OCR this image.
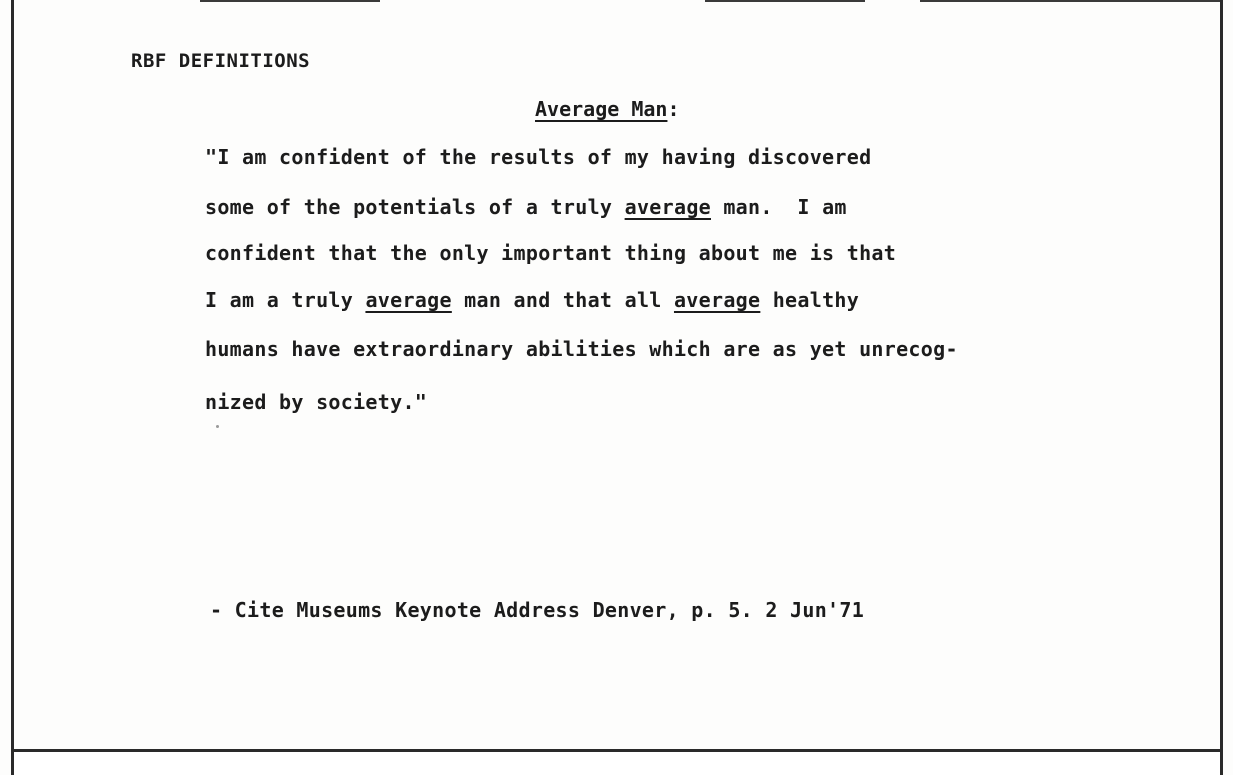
RBF DEFINITIONS
Average Man:
"I am confident of the results of my having discovered
some of the potentials of a truly average man.  I am
confident that the only important thing about me is that
I am a truly average man and that all average healthy
humans have extraordinary abilities which are as yet unrecog-
nized by society."
- Cite Museums Keynote Address Denver, p. 5. 2 Jun'71
